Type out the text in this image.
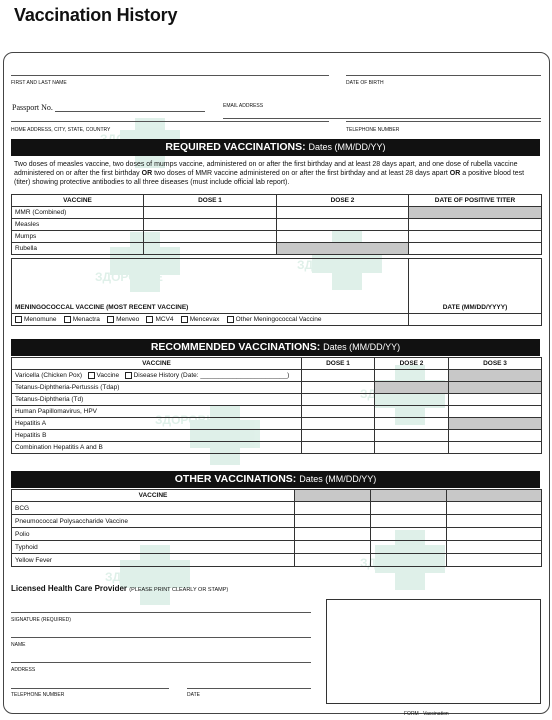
Vaccination History
ЗДОРОВЬЕ
ЗДОРОВЬЕ
ЗДОРОВЬЕ
ЗДОРОВЬЕ
ЗДОРОВЬЕ
ЗДОРОВЬЕ
FIRST AND LAST NAME	DATE OF BIRTH
Passport No.	EMAIL ADDRESS
HOME ADDRESS, CITY, STATE, COUNTRY	TELEPHONE NUMBER
REQUIRED VACCINATIONS: Dates (MM/DD/YY)
Two doses of measles vaccine, two doses of mumps vaccine, administered on or after the first birthday and at least 28 days apart, and one dose of rubella vaccine administered on or after the first birthday OR two doses of MMR vaccine administered on or after the first birthday and at least 28 days apart OR a positive blood test (titer) showing protective antibodies to all three diseases (must include official lab report).
VACCINE	DOSE 1	DOSE 2	DATE OF POSITIVE TITER
MMR (Combined)			
Measles			
Mumps			
Rubella			

MENINGOCOCCAL VACCINE (MOST RECENT VACCINE)	DATE (MM/DD/YYYY)
Menomune Menactra Menveo MCV4 Mencevax Other Meningococcal Vaccine	
RECOMMENDED VACCINATIONS: Dates (MM/DD/YY)
VACCINE	DOSE 1	DOSE 2	DOSE 3
Varicella (Chicken Pox) Vaccine Disease History (Date: ________________________)			
Tetanus-Diphtheria-Pertussis (Tdap)			
Tetanus-Diphtheria (Td)			
Human Papillomavirus, HPV			
Hepatitis A			
Hepatitis B			
Combination Hepatitis A and B			
OTHER VACCINATIONS: Dates (MM/DD/YY)
VACCINE			
BCG			
Pneumococcal Polysaccharide Vaccine			
Polio			
Typhoid			
Yellow Fever			
Licensed Health Care Provider (PLEASE PRINT CLEARLY OR STAMP)
SIGNATURE (REQUIRED)
NAME
ADDRESS
TELEPHONE NUMBER	DATE
FORM - Vaccination
